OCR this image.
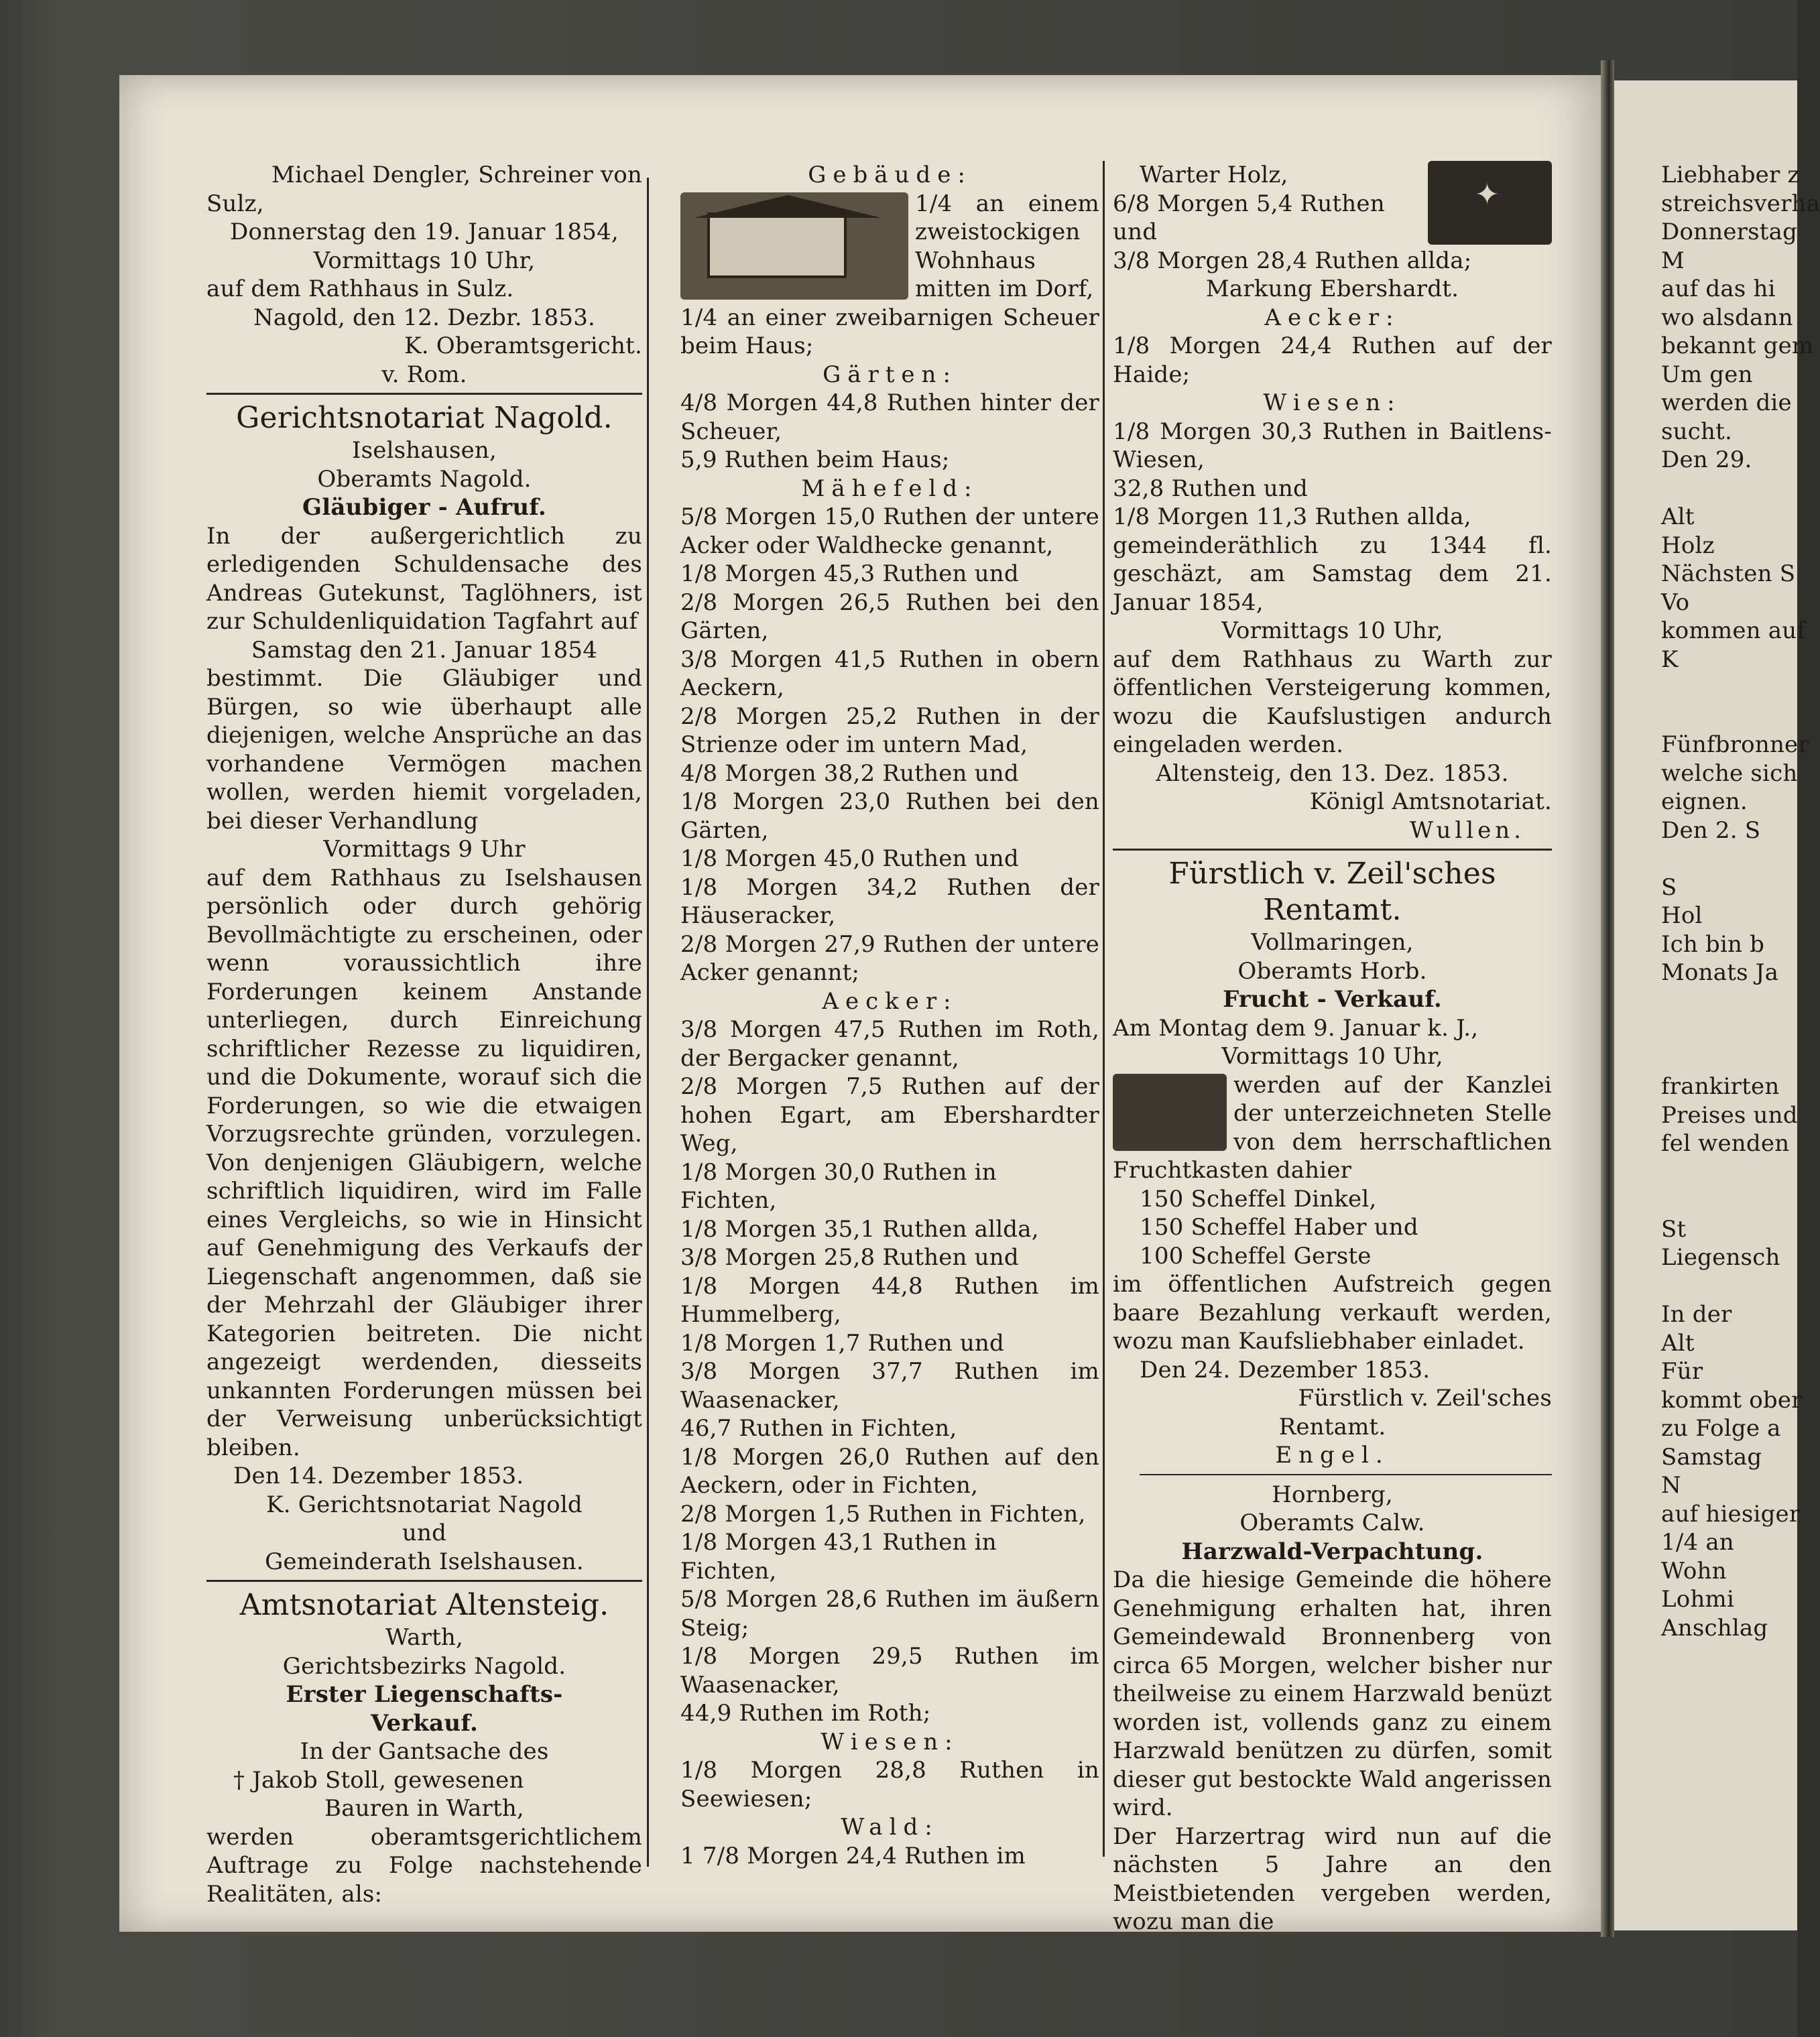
Michael Dengler, Schreiner von
Sulz,
Donnerstag den 19. Januar 1854,
Vormittags 10 Uhr,
auf dem Rathhaus in Sulz.
Nagold, den 12. Dezbr. 1853.
K. Oberamtsgericht.
v. Rom.
Gerichtsnotariat Nagold.
Iselshausen,
Oberamts Nagold.
Gläubiger - Aufruf.
In der außergerichtlich zu erledigenden Schuldensache des Andreas Gutekunst, Taglöhners, ist zur Schuldenliquidation Tagfahrt auf
Samstag den 21. Januar 1854
bestimmt. Die Gläubiger und Bürgen, so wie überhaupt alle diejenigen, welche Ansprüche an das vorhandene Vermögen machen wollen, werden hiemit vorgeladen, bei dieser Verhandlung
Vormittags 9 Uhr
auf dem Rathhaus zu Iselshausen persönlich oder durch gehörig Bevollmächtigte zu erscheinen, oder wenn voraussichtlich ihre Forderungen keinem Anstande unterliegen, durch Einreichung schriftlicher Rezesse zu liquidiren, und die Dokumente, worauf sich die Forderungen, so wie die etwaigen Vorzugsrechte gründen, vorzulegen. Von denjenigen Gläubigern, welche schriftlich liquidiren, wird im Falle eines Vergleichs, so wie in Hinsicht auf Genehmigung des Verkaufs der Liegenschaft angenommen, daß sie der Mehrzahl der Gläubiger ihrer Kategorien beitreten. Die nicht angezeigt werdenden, diesseits unkannten Forderungen müssen bei der Verweisung unberücksichtigt bleiben.
Den 14. Dezember 1853.
K. Gerichtsnotariat Nagold
und
Gemeinderath Iselshausen.
Amtsnotariat Altensteig.
Warth,
Gerichtsbezirks Nagold.
Erster Liegenschafts-
Verkauf.
In der Gantsache des
† Jakob Stoll, gewesenen
Bauren in Warth,
werden oberamtsgerichtlichem Auftrage zu Folge nachstehende Realitäten, als:
Gebäude:
1/4 an einem zweistockigen Wohnhaus mitten im Dorf,
1/4 an einer zweibarnigen Scheuer beim Haus;
Gärten:
4/8 Morgen 44,8 Ruthen hinter der Scheuer,
5,9 Ruthen beim Haus;
Mähefeld:
5/8 Morgen 15,0 Ruthen der untere Acker oder Waldhecke genannt,
1/8 Morgen 45,3 Ruthen und
2/8 Morgen 26,5 Ruthen bei den Gärten,
3/8 Morgen 41,5 Ruthen in obern Aeckern,
2/8 Morgen 25,2 Ruthen in der Strienze oder im untern Mad,
4/8 Morgen 38,2 Ruthen und
1/8 Morgen 23,0 Ruthen bei den Gärten,
1/8 Morgen 45,0 Ruthen und
1/8 Morgen 34,2 Ruthen der Häuseracker,
2/8 Morgen 27,9 Ruthen der untere Acker genannt;
Aecker:
3/8 Morgen 47,5 Ruthen im Roth, der Bergacker genannt,
2/8 Morgen 7,5 Ruthen auf der hohen Egart, am Ebershardter Weg,
1/8 Morgen 30,0 Ruthen in Fichten,
1/8 Morgen 35,1 Ruthen allda,
3/8 Morgen 25,8 Ruthen und
1/8 Morgen 44,8 Ruthen im Hummelberg,
1/8 Morgen 1,7 Ruthen und
3/8 Morgen 37,7 Ruthen im Waasenacker,
46,7 Ruthen in Fichten,
1/8 Morgen 26,0 Ruthen auf den Aeckern, oder in Fichten,
2/8 Morgen 1,5 Ruthen in Fichten,
1/8 Morgen 43,1 Ruthen in Fichten,
5/8 Morgen 28,6 Ruthen im äußern Steig;
1/8 Morgen 29,5 Ruthen im Waasenacker,
44,9 Ruthen im Roth;
Wiesen:
1/8 Morgen 28,8 Ruthen in Seewiesen;
Wald:
1 7/8 Morgen 24,4 Ruthen im
✦
Warter Holz,
6/8 Morgen 5,4 Ruthen
und
3/8 Morgen 28,4 Ruthen allda;
Markung Ebershardt.
Aecker:
1/8 Morgen 24,4 Ruthen auf der Haide;
Wiesen:
1/8 Morgen 30,3 Ruthen in Baitlens-Wiesen,
32,8 Ruthen und
1/8 Morgen 11,3 Ruthen allda,
gemeinderäthlich zu 1344 fl. geschäzt, am Samstag dem 21. Januar 1854,
Vormittags 10 Uhr,
auf dem Rathhaus zu Warth zur öffentlichen Versteigerung kommen, wozu die Kaufslustigen andurch eingeladen werden.
Altensteig, den 13. Dez. 1853.
Königl Amtsnotariat.
Wullen.
Fürstlich v. Zeil'sches Rentamt.
Vollmaringen,
Oberamts Horb.
Frucht - Verkauf.
Am Montag dem 9. Januar k. J.,
Vormittags 10 Uhr,
werden auf der Kanzlei der unterzeichneten Stelle von dem herrschaftlichen Fruchtkasten dahier
150 Scheffel Dinkel,
150 Scheffel Haber und
100 Scheffel Gerste
im öffentlichen Aufstreich gegen baare Bezahlung verkauft werden, wozu man Kaufsliebhaber einladet.
Den 24. Dezember 1853.
Fürstlich v. Zeil'sches
Rentamt.
Engel.
Hornberg,
Oberamts Calw.
Harzwald-Verpachtung.
Da die hiesige Gemeinde die höhere Genehmigung erhalten hat, ihren Gemeindewald Bronnenberg von circa 65 Morgen, welcher bisher nur theilweise zu einem Harzwald benüzt worden ist, vollends ganz zu einem Harzwald benützen zu dürfen, somit dieser gut bestockte Wald angerissen wird.
Der Harzertrag wird nun auf die nächsten 5 Jahre an den Meistbietenden vergeben werden, wozu man die
Liebhaber z
streichsverha
Donnerstag
M
auf das hi
wo alsdann
bekannt gem
Um gen
werden die
sucht.
Den 29.
Alt
Holz
Nächsten S
Vo
kommen auf
K
Fünfbronner
welche sich
eignen.
Den 2. S
S
Hol
Ich bin b
Monats Ja
frankirten
Preises und
fel wenden
St
Liegensch
In der
Alt
Für
kommt ober
zu Folge a
Samstag
N
auf hiesiger
1/4 an
Wohn
Lohmi
Anschlag
